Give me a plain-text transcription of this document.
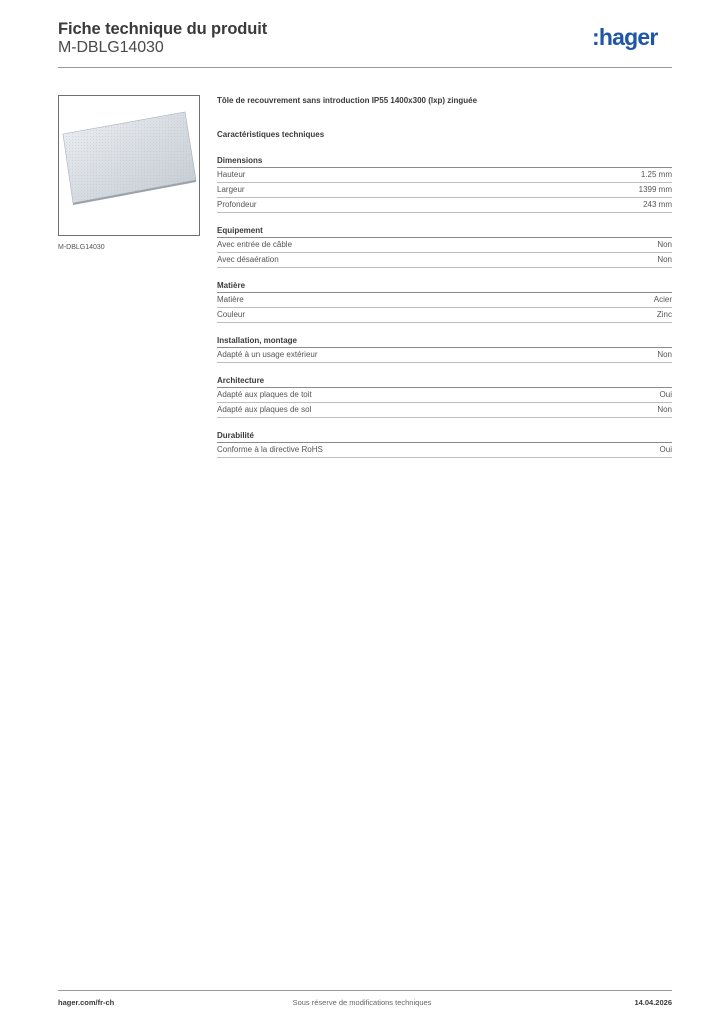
Fiche technique du produit
M-DBLG14030	:hager
M-DBLG14030
Tôle de recouvrement sans introduction IP55 1400x300 (lxp) zinguée
Caractéristiques techniques
Dimensions
Hauteur	1.25 mm
Largeur	1399 mm
Profondeur	243 mm
Equipement
Avec entrée de câble	Non
Avec désaération	Non
Matière
Matière	Acier
Couleur	Zinc
Installation, montage
Adapté à un usage extérieur	Non
Architecture
Adapté aux plaques de toit	Oui
Adapté aux plaques de sol	Non
Durabilité
Conforme à la directive RoHS	Oui
hager.com/fr-ch	Sous réserve de modifications techniques	14.04.2026
